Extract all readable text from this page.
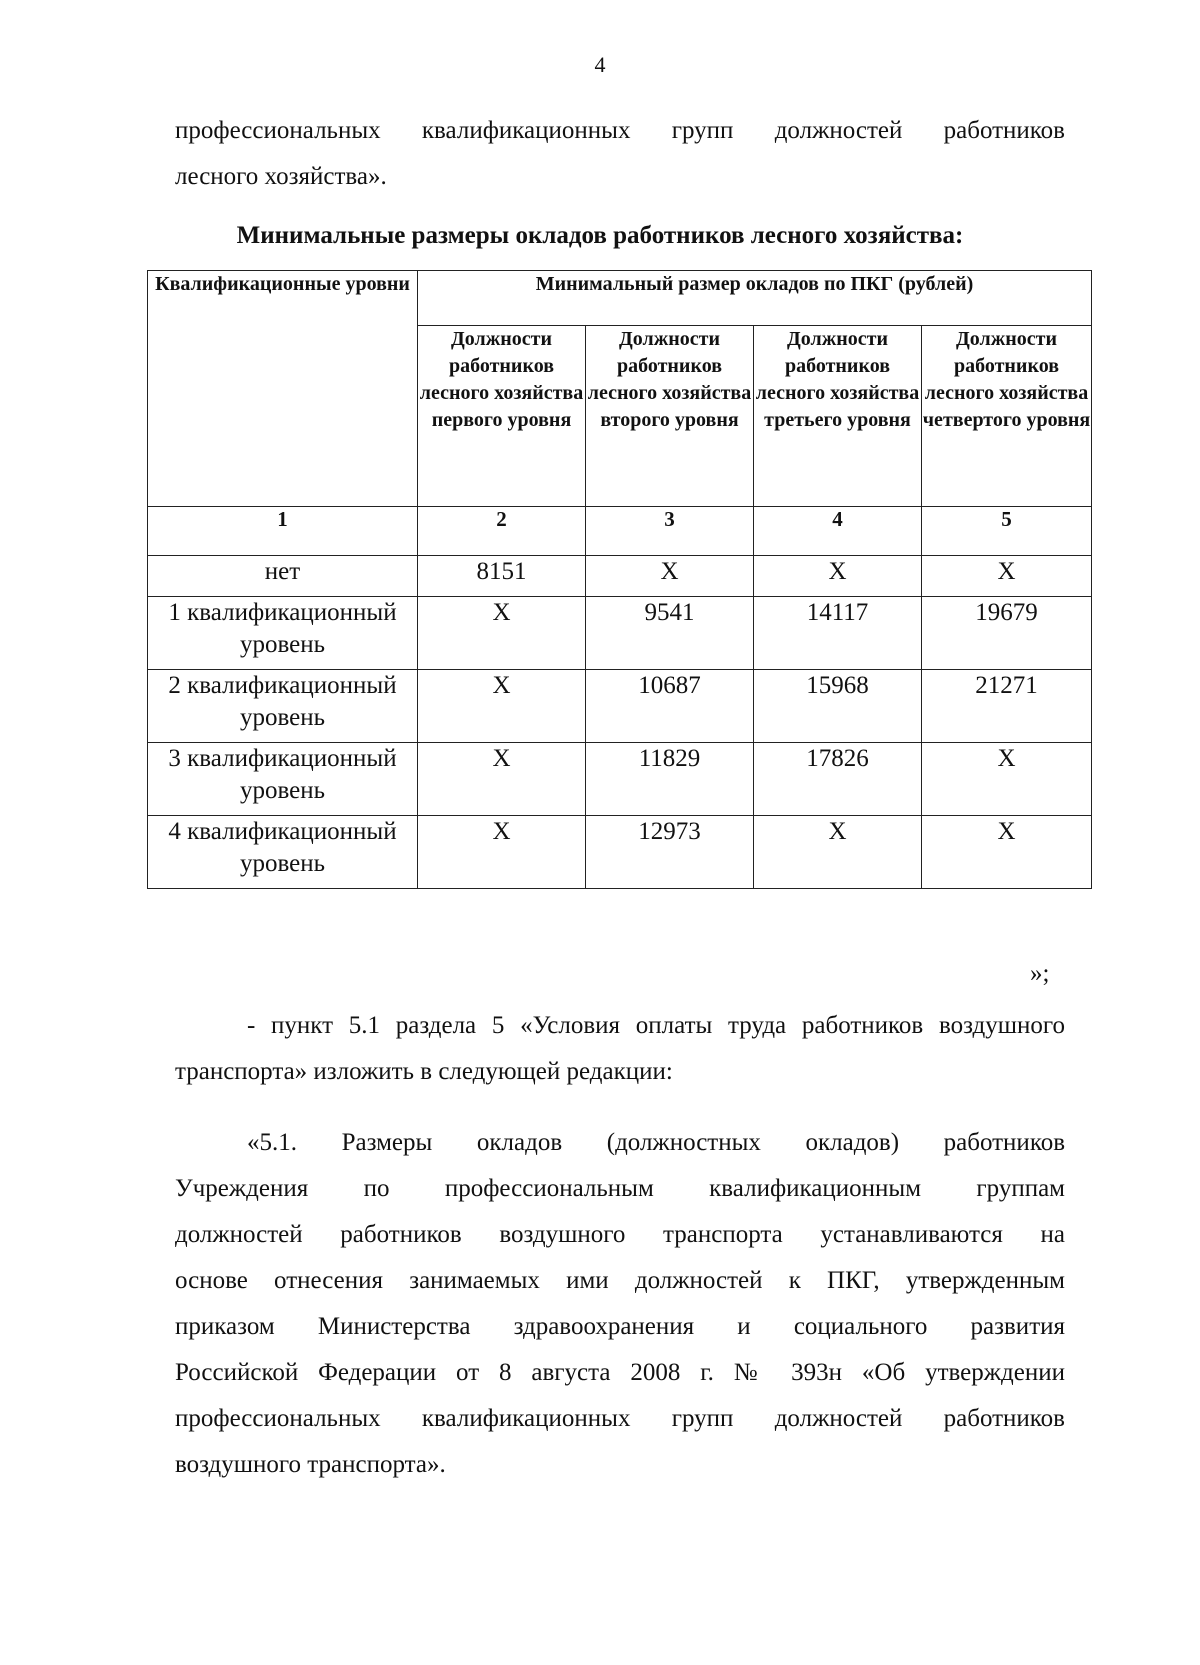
4
профессиональных квалификационных групп должностей работников
лесного хозяйства».
Минимальные размеры окладов работников лесного хозяйства:
Квалификационные уровни	Минимальный размер окладов по ПКГ (рублей)			
	Должности работников лесного хозяйства первого уровня	Должности работников лесного хозяйства второго уровня	Должности работников лесного хозяйства третьего уровня	Должности работников лесного хозяйства четвертого уровня
1	2	3	4	5
нет	8151	X	X	X
1 квалификационный уровень	X	9541	14117	19679
2 квалификационный уровень	X	10687	15968	21271
3 квалификационный уровень	X	11829	17826	X
4 квалификационный уровень	X	12973	X	X
»;
- пункт 5.1 раздела 5 «Условия оплаты труда работников воздушного
транспорта» изложить в следующей редакции:
«5.1. Размеры окладов (должностных окладов) работников
Учреждения по профессиональным квалификационным группам
должностей работников воздушного транспорта устанавливаются на
основе отнесения занимаемых ими должностей к ПКГ, утвержденным
приказом Министерства здравоохранения и социального развития
Российской Федерации от 8 августа 2008 г. № 393н «Об утверждении
профессиональных квалификационных групп должностей работников
воздушного транспорта».
